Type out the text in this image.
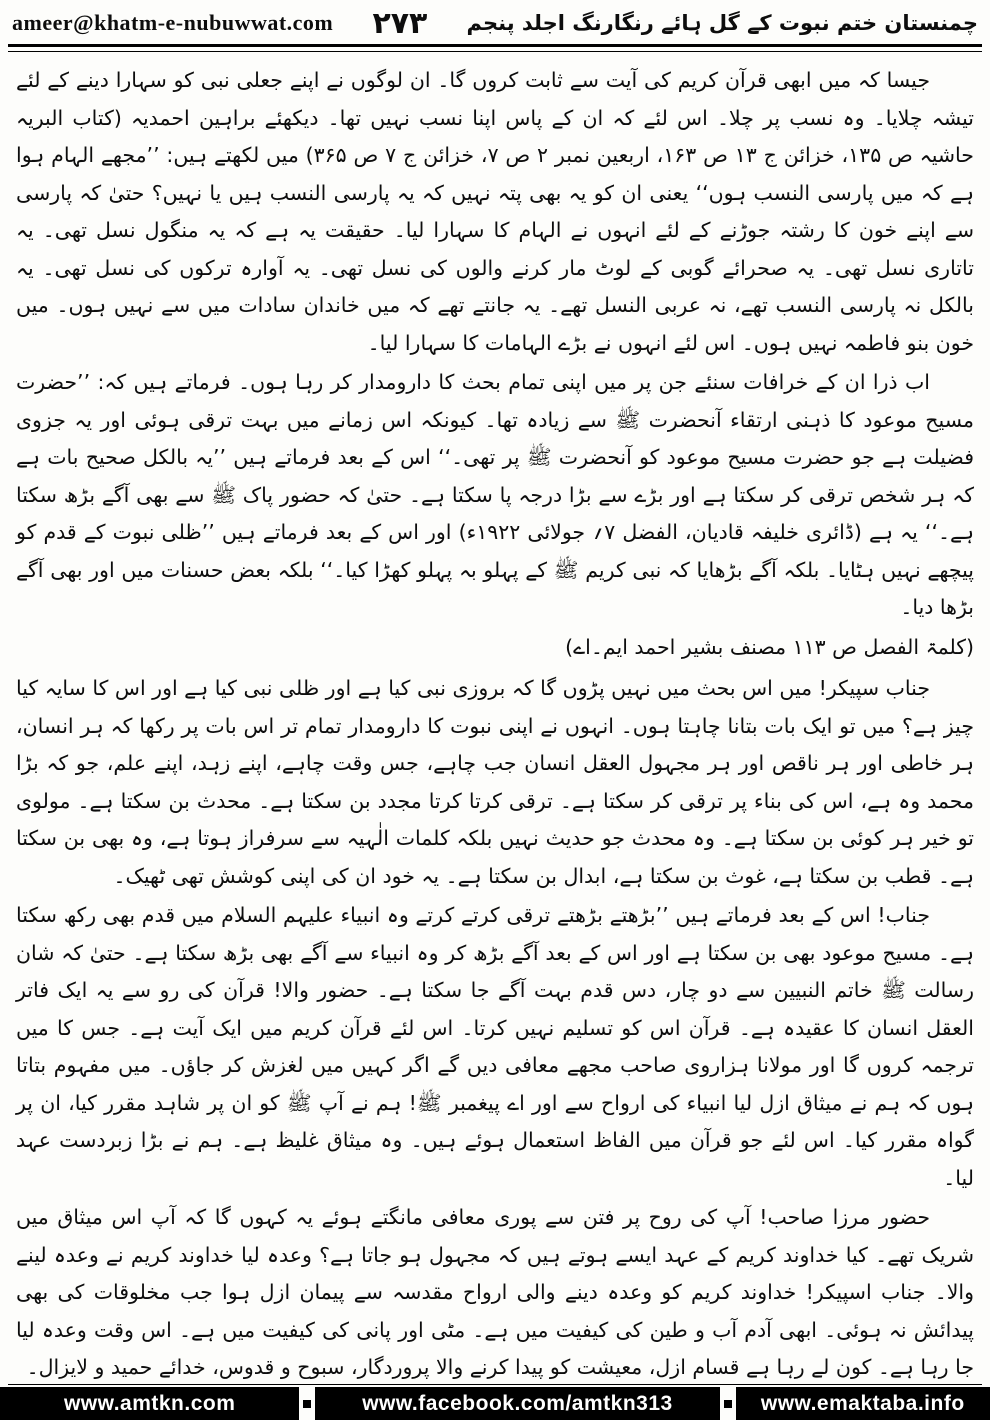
ameer@khatm-e-nubuwwat.com ۲۷۳ چمنستان ختم نبوت کے گل ہائے رنگارنگ اجلد پنجم

جیسا کہ میں ابھی قرآن کریم کی آیت سے ثابت کروں گا۔ ان لوگوں نے اپنے جعلی نبی کو سہارا دینے کے لئے تیشہ چلایا۔ وہ نسب پر چلا۔ اس لئے کہ ان کے پاس اپنا نسب نہیں تھا۔ دیکھئے براہین احمدیہ (کتاب البریہ حاشیہ ص ۱۳۵، خزائن ج ۱۳ ص ۱۶۳، اربعین نمبر ۲ ص ۷، خزائن ج ۷ ص ۳۶۵) میں لکھتے ہیں: ’’مجھے الہام ہوا ہے کہ میں پارسی النسب ہوں‘‘ یعنی ان کو یہ بھی پتہ نہیں کہ یہ پارسی النسب ہیں یا نہیں؟ حتیٰ کہ پارسی سے اپنے خون کا رشتہ جوڑنے کے لئے انہوں نے الہام کا سہارا لیا۔ حقیقت یہ ہے کہ یہ منگول نسل تھی۔ یہ تاتاری نسل تھی۔ یہ صحرائے گوبی کے لوٹ مار کرنے والوں کی نسل تھی۔ یہ آوارہ ترکوں کی نسل تھی۔ یہ بالکل نہ پارسی النسب تھے، نہ عربی النسل تھے۔ یہ جانتے تھے کہ میں خاندان سادات میں سے نہیں ہوں۔ میں خون بنو فاطمہ نہیں ہوں۔ اس لئے انہوں نے بڑے الہامات کا سہارا لیا۔

اب ذرا ان کے خرافات سنئے جن پر میں اپنی تمام بحث کا دارومدار کر رہا ہوں۔ فرماتے ہیں کہ: ’’حضرت مسیح موعود کا ذہنی ارتقاء آنحضرت ﷺ سے زیادہ تھا۔ کیونکہ اس زمانے میں بہت ترقی ہوئی اور یہ جزوی فضیلت ہے جو حضرت مسیح موعود کو آنحضرت ﷺ پر تھی۔‘‘ اس کے بعد فرماتے ہیں ’’یہ بالکل صحیح بات ہے کہ ہر شخص ترقی کر سکتا ہے اور بڑے سے بڑا درجہ پا سکتا ہے۔ حتیٰ کہ حضور پاک ﷺ سے بھی آگے بڑھ سکتا ہے۔‘‘ یہ ہے (ڈائری خلیفہ قادیان، الفضل ۷؍ جولائی ۱۹۲۲ء) اور اس کے بعد فرماتے ہیں ’’ظلی نبوت کے قدم کو پیچھے نہیں ہٹایا۔ بلکہ آگے بڑھایا کہ نبی کریم ﷺ کے پہلو بہ پہلو کھڑا کیا۔‘‘ بلکہ بعض حسنات میں اور بھی آگے بڑھا دیا۔

(کلمۃ الفصل ص ۱۱۳ مصنف بشیر احمد ایم۔اے)

جناب سپیکر! میں اس بحث میں نہیں پڑوں گا کہ بروزی نبی کیا ہے اور ظلی نبی کیا ہے اور اس کا سایہ کیا چیز ہے؟ میں تو ایک بات بتانا چاہتا ہوں۔ انہوں نے اپنی نبوت کا دارومدار تمام تر اس بات پر رکھا کہ ہر انسان، ہر خاطی اور ہر ناقص اور ہر مجہول العقل انسان جب چاہے، جس وقت چاہے، اپنے زہد، اپنے علم، جو کہ بڑا محمد وہ ہے، اس کی بناء پر ترقی کر سکتا ہے۔ ترقی کرتا کرتا مجدد بن سکتا ہے۔ محدث بن سکتا ہے۔ مولوی تو خیر ہر کوئی بن سکتا ہے۔ وہ محدث جو حدیث نہیں بلکہ کلمات الٰہیہ سے سرفراز ہوتا ہے، وہ بھی بن سکتا ہے۔ قطب بن سکتا ہے، غوث بن سکتا ہے، ابدال بن سکتا ہے۔ یہ خود ان کی اپنی کوشش تھی ٹھیک۔

جناب! اس کے بعد فرماتے ہیں ’’بڑھتے بڑھتے ترقی کرتے کرتے وہ انبیاء علیہم السلام میں قدم بھی رکھ سکتا ہے۔ مسیح موعود بھی بن سکتا ہے اور اس کے بعد آگے بڑھ کر وہ انبیاء سے آگے بھی بڑھ سکتا ہے۔ حتیٰ کہ شان رسالت ﷺ خاتم النبیین سے دو چار، دس قدم بہت آگے جا سکتا ہے۔ حضور والا! قرآن کی رو سے یہ ایک فاتر العقل انسان کا عقیدہ ہے۔ قرآن اس کو تسلیم نہیں کرتا۔ اس لئے قرآن کریم میں ایک آیت ہے۔ جس کا میں ترجمہ کروں گا اور مولانا ہزاروی صاحب مجھے معافی دیں گے اگر کہیں میں لغزش کر جاؤں۔ میں مفہوم بتاتا ہوں کہ ہم نے میثاق ازل لیا انبیاء کی ارواح سے اور اے پیغمبر ﷺ! ہم نے آپ ﷺ کو ان پر شاہد مقرر کیا، ان پر گواہ مقرر کیا۔ اس لئے جو قرآن میں الفاظ استعمال ہوئے ہیں۔ وہ میثاق غلیظ ہے۔ ہم نے بڑا زبردست عہد لیا۔

حضور مرزا صاحب! آپ کی روح پر فتن سے پوری معافی مانگتے ہوئے یہ کہوں گا کہ آپ اس میثاق میں شریک تھے۔ کیا خداوند کریم کے عہد ایسے ہوتے ہیں کہ مجہول ہو جاتا ہے؟ وعدہ لیا خداوند کریم نے وعدہ لینے والا۔ جناب اسپیکر! خداوند کریم کو وعدہ دینے والی ارواح مقدسہ سے پیمان ازل ہوا جب مخلوقات کی بھی پیدائش نہ ہوئی۔ ابھی آدم آب و طین کی کیفیت میں ہے۔ مٹی اور پانی کی کیفیت میں ہے۔ اس وقت وعدہ لیا جا رہا ہے۔ کون لے رہا ہے قسام ازل، معیشت کو پیدا کرنے والا پروردگار، سبوح و قدوس، خدائے حمید و لایزال۔

www.amtkn.com	www.facebook.com/amtkn313	www.emaktaba.info
